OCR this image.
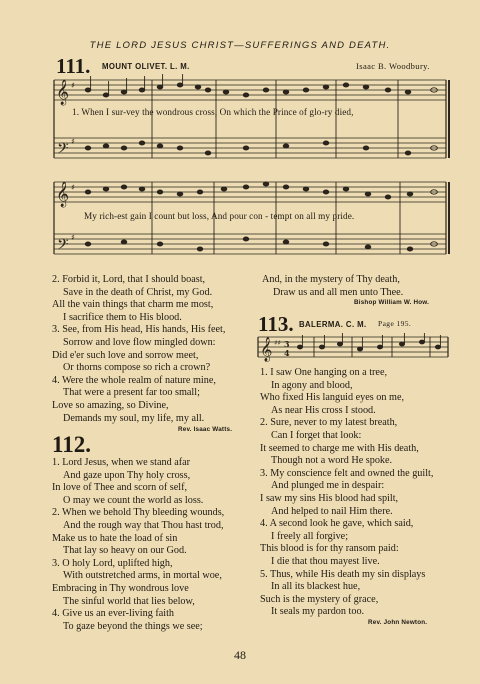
THE LORD JESUS CHRIST—SUFFERINGS AND DEATH.
111. MOUNT OLIVET. L. M.	Isaac B. Woodbury.
𝄞
𝄢
♯
♯
1. When I sur-vey the wondrous cross, On which the Prince of glo-ry died,
𝄞
𝄢
♯
♯
My rich-est gain I count but loss, And pour con - tempt on all my pride.
2. Forbid it, Lord, that I should boast,
Save in the death of Christ, my God.
All the vain things that charm me most,
I sacrifice them to His blood.
3. See, from His head, His hands, His feet,
Sorrow and love flow mingled down:
Did e'er such love and sorrow meet,
Or thorns compose so rich a crown?
4. Were the whole realm of nature mine,
That were a present far too small;
Love so amazing, so Divine,
Demands my soul, my life, my all.
Rev. Isaac Watts.
112.
1. Lord Jesus, when we stand afar
And gaze upon Thy holy cross,
In love of Thee and scorn of self,
O may we count the world as loss.
2. When we behold Thy bleeding wounds,
And the rough way that Thou hast trod,
Make us to hate the load of sin
That lay so heavy on our God.
3. O holy Lord, uplifted high,
With outstretched arms, in mortal woe,
Embracing in Thy wondrous love
The sinful world that lies below,
4. Give us an ever-living faith
To gaze beyond the things we see;
And, in the mystery of Thy death,
Draw us and all men unto Thee.
Bishop William W. How.
113. BALERMA. C. M. Page 195.
𝄞 ♯♯ 3
4
1. I saw One hanging on a tree,
In agony and blood,
Who fixed His languid eyes on me,
As near His cross I stood.
2. Sure, never to my latest breath,
Can I forget that look:
It seemed to charge me with His death,
Though not a word He spoke.
3. My conscience felt and owned the guilt,
And plunged me in despair:
I saw my sins His blood had spilt,
And helped to nail Him there.
4. A second look he gave, which said,
I freely all forgive;
This blood is for thy ransom paid:
I die that thou mayest live.
5. Thus, while His death my sin displays
In all its blackest hue,
Such is the mystery of grace,
It seals my pardon too.
Rev. John Newton.
48
